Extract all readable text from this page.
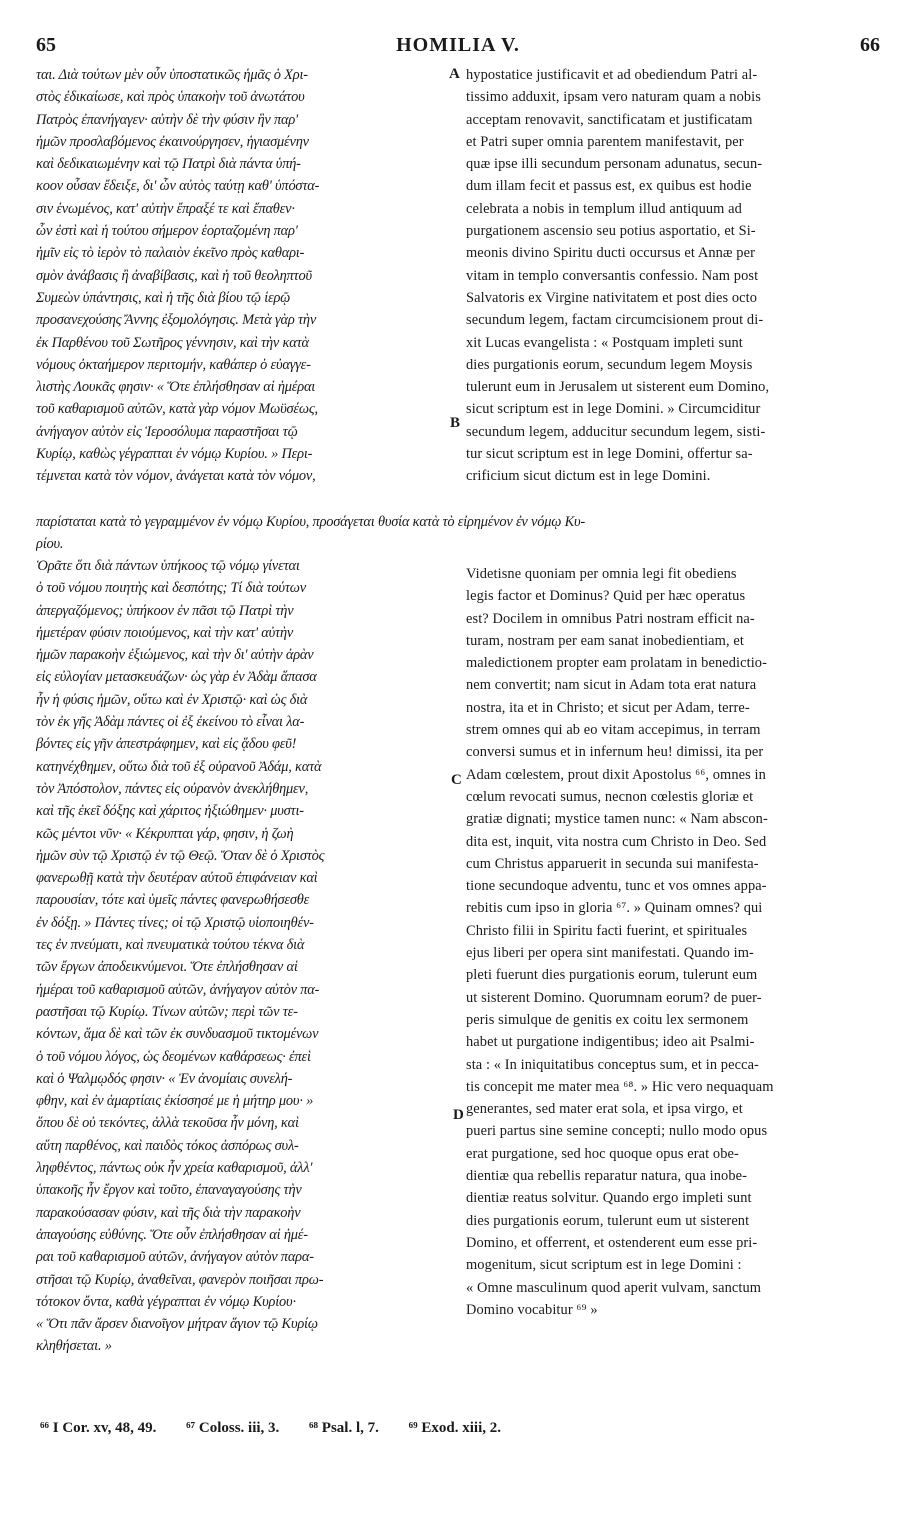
65	HOMILIA V.	66
ται. Διὰ τούτων μὲν οὖν ὑποστατικῶς ἡμᾶς ὁ Χρι-
στὸς ἐδικαίωσε, καὶ πρὸς ὑπακοὴν τοῦ ἀνωτάτου
Πατρὸς ἐπανήγαγεν· αὐτὴν δὲ τὴν φύσιν ἣν παρ'
ἡμῶν προσλαβόμενος ἐκαινούργησεν, ἡγιασμένην
καὶ δεδικαιωμένην καὶ τῷ Πατρὶ διὰ πάντα ὑπή-
κοον οὖσαν ἔδειξε, δι' ὧν αὐτὸς ταύτῃ καθ' ὑπόστα-
σιν ἑνωμένος, κατ' αὐτὴν ἔπραξέ τε καὶ ἔπαθεν·
ὧν ἐστὶ καὶ ἡ τούτου σήμερον ἑορταζομένη παρ'
ἡμῖν εἰς τὸ ἱερὸν τὸ παλαιὸν ἐκεῖνο πρὸς καθαρι-
σμὸν ἀνάβασις ἢ ἀναβίβασις, καὶ ἡ τοῦ θεοληπτοῦ
Συμεὼν ὑπάντησις, καὶ ἡ τῆς διὰ βίου τῷ ἱερῷ
προσανεχούσης Ἄννης ἐξομολόγησις. Μετὰ γὰρ τὴν
ἐκ Παρθένου τοῦ Σωτῆρος γέννησιν, καὶ τὴν κατὰ
νόμους ὀκταήμερον περιτομήν, καθάπερ ὁ εὐαγγε-
λιστὴς Λουκᾶς φησιν· « Ὅτε ἐπλήσθησαν αἱ ἡμέραι
τοῦ καθαρισμοῦ αὐτῶν, κατὰ γὰρ νόμον Μωϋσέως,
ἀνήγαγον αὐτὸν εἰς Ἱεροσόλυμα παραστῆσαι τῷ
Κυρίῳ, καθὼς γέγραπται ἐν νόμῳ Κυρίου. » Περι-
τέμνεται κατὰ τὸν νόμον, ἀνάγεται κατὰ τὸν νόμον,
hypostatice justificavit et ad obediendum Patri al-
tissimo adduxit, ipsam vero naturam quam a nobis
acceptam renovavit, sanctificatam et justificatam
et Patri super omnia parentem manifestavit, per
quæ ipse illi secundum personam adunatus, secun-
dum illam fecit et passus est, ex quibus est hodie
celebrata a nobis in templum illud antiquum ad
purgationem ascensio seu potius asportatio, et Si-
meonis divino Spiritu ducti occursus et Annæ per
vitam in templo conversantis confessio. Nam post
Salvatoris ex Virgine nativitatem et post dies octo
secundum legem, factam circumcisionem prout di-
xit Lucas evangelista : « Postquam impleti sunt
dies purgationis eorum, secundum legem Moysis
tulerunt eum in Jerusalem ut sisterent eum Domino,
sicut scriptum est in lege Domini. » Circumciditur
secundum legem, adducitur secundum legem, sisti-
tur sicut scriptum est in lege Domini, offertur sa-
crificium sicut dictum est in lege Domini.
παρίσταται κατὰ τὸ γεγραμμένον ἐν νόμῳ Κυρίου, προσάγεται θυσία κατὰ τὸ εἰρημένον ἐν νόμῳ Κυ-
ρίου.
Ὁρᾶτε ὅτι διὰ πάντων ὑπήκοος τῷ νόμῳ γίνεται
ὁ τοῦ νόμου ποιητὴς καὶ δεσπότης; Τί διὰ τούτων
ἀπεργαζόμενος; ὑπήκοον ἐν πᾶσι τῷ Πατρὶ τὴν
ἡμετέραν φύσιν ποιούμενος, καὶ τὴν κατ' αὐτὴν
ἡμῶν παρακοὴν ἐξιώμενος, καὶ τὴν δι' αὐτὴν ἀρὰν
εἰς εὐλογίαν μετασκευάζων· ὡς γὰρ ἐν Ἀδὰμ ἅπασα
ἦν ἡ φύσις ἡμῶν, οὕτω καὶ ἐν Χριστῷ· καὶ ὡς διὰ
τὸν ἐκ γῆς Ἀδὰμ πάντες οἱ ἐξ ἐκείνου τὸ εἶναι λα-
βόντες εἰς γῆν ἀπεστράφημεν, καὶ εἰς ᾅδου φεῦ!
κατηνέχθημεν, οὕτω διὰ τοῦ ἐξ οὐρανοῦ Ἀδάμ, κατὰ
τὸν Ἀπόστολον, πάντες εἰς οὐρανὸν ἀνεκλήθημεν,
καὶ τῆς ἐκεῖ δόξης καὶ χάριτος ἠξιώθημεν· μυστι-
κῶς μέντοι νῦν· « Κέκρυπται γάρ, φησιν, ἡ ζωὴ
ἡμῶν σὺν τῷ Χριστῷ ἐν τῷ Θεῷ. Ὅταν δὲ ὁ Χριστὸς
φανερωθῇ κατὰ τὴν δευτέραν αὐτοῦ ἐπιφάνειαν καὶ
παρουσίαν, τότε καὶ ὑμεῖς πάντες φανερωθήσεσθε
ἐν δόξῃ. » Πάντες τίνες; οἱ τῷ Χριστῷ υἱοποιηθέν-
τες ἐν πνεύματι, καὶ πνευματικὰ τούτου τέκνα διὰ
τῶν ἔργων ἀποδεικνύμενοι. Ὅτε ἐπλήσθησαν αἱ
ἡμέραι τοῦ καθαρισμοῦ αὐτῶν, ἀνήγαγον αὐτὸν πα-
ραστῆσαι τῷ Κυρίῳ. Τίνων αὐτῶν; περὶ τῶν τε-
κόντων, ἅμα δὲ καὶ τῶν ἐκ συνδυασμοῦ τικτομένων
ὁ τοῦ νόμου λόγος, ὡς δεομένων καθάρσεως· ἐπεὶ
καὶ ὁ Ψαλμῳδός φησιν· « Ἐν ἀνομίαις συνελή-
φθην, καὶ ἐν ἁμαρτίαις ἐκίσσησέ με ἡ μήτηρ μου· »
ὅπου δὲ οὐ τεκόντες, ἀλλὰ τεκοῦσα ἦν μόνη, καὶ
αὕτη παρθένος, καὶ παιδὸς τόκος ἀσπόρως συλ-
ληφθέντος, πάντως οὐκ ἦν χρεία καθαρισμοῦ, ἀλλ'
ὑπακοῆς ἦν ἔργον καὶ τοῦτο, ἐπαναγαγούσης τὴν
παρακούσασαν φύσιν, καὶ τῆς διὰ τὴν παρακοὴν
ἀπαγούσης εὐθύνης. Ὅτε οὖν ἐπλήσθησαν αἱ ἡμέ-
ραι τοῦ καθαρισμοῦ αὐτῶν, ἀνήγαγον αὐτὸν παρα-
στῆσαι τῷ Κυρίῳ, ἀναθεῖναι, φανερὸν ποιῆσαι πρω-
τότοκον ὄντα, καθὰ γέγραπται ἐν νόμῳ Κυρίου·
« Ὅτι πᾶν ἄρσεν διανοῖγον μήτραν ἅγιον τῷ Κυρίῳ
κληθήσεται. »
Videtisne quoniam per omnia legi fit obediens
legis factor et Dominus? Quid per hæc operatus
est? Docilem in omnibus Patri nostram efficit na-
turam, nostram per eam sanat inobedientiam, et
maledictionem propter eam prolatam in benedictio-
nem convertit; nam sicut in Adam tota erat natura
nostra, ita et in Christo; et sicut per Adam, terre-
strem omnes qui ab eo vitam accepimus, in terram
conversi sumus et in infernum heu! dimissi, ita per
Adam cœlestem, prout dixit Apostolus ⁶⁶, omnes in
cœlum revocati sumus, necnon cœlestis gloriæ et
gratiæ dignati; mystice tamen nunc: « Nam abscon-
dita est, inquit, vita nostra cum Christo in Deo. Sed
cum Christus apparuerit in secunda sui manifesta-
tione secundoque adventu, tunc et vos omnes appa-
rebitis cum ipso in gloria ⁶⁷. » Quinam omnes? qui
Christo filii in Spiritu facti fuerint, et spirituales
ejus liberi per opera sint manifestati. Quando im-
pleti fuerunt dies purgationis eorum, tulerunt eum
ut sisterent Domino. Quorumnam eorum? de puer-
peris simulque de genitis ex coitu lex sermonem
habet ut purgatione indigentibus; ideo ait Psalmi-
sta : « In iniquitatibus conceptus sum, et in pecca-
tis concepit me mater mea ⁶⁸. » Hic vero nequaquam
generantes, sed mater erat sola, et ipsa virgo, et
pueri partus sine semine concepti; nullo modo opus
erat purgatione, sed hoc quoque opus erat obe-
dientiæ qua rebellis reparatur natura, qua inobe-
dientiæ reatus solvitur. Quando ergo impleti sunt
dies purgationis eorum, tulerunt eum ut sisterent
Domino, et offerrent, et ostenderent eum esse pri-
mogenitum, sicut scriptum est in lege Domini :
« Omne masculinum quod aperit vulvam, sanctum
Domino vocabitur ⁶⁹ »
A
B
C
D
⁶⁶ I Cor. xv, 48, 49. ⁶⁷ Coloss. iii, 3. ⁶⁸ Psal. l, 7. ⁶⁹ Exod. xiii, 2.
